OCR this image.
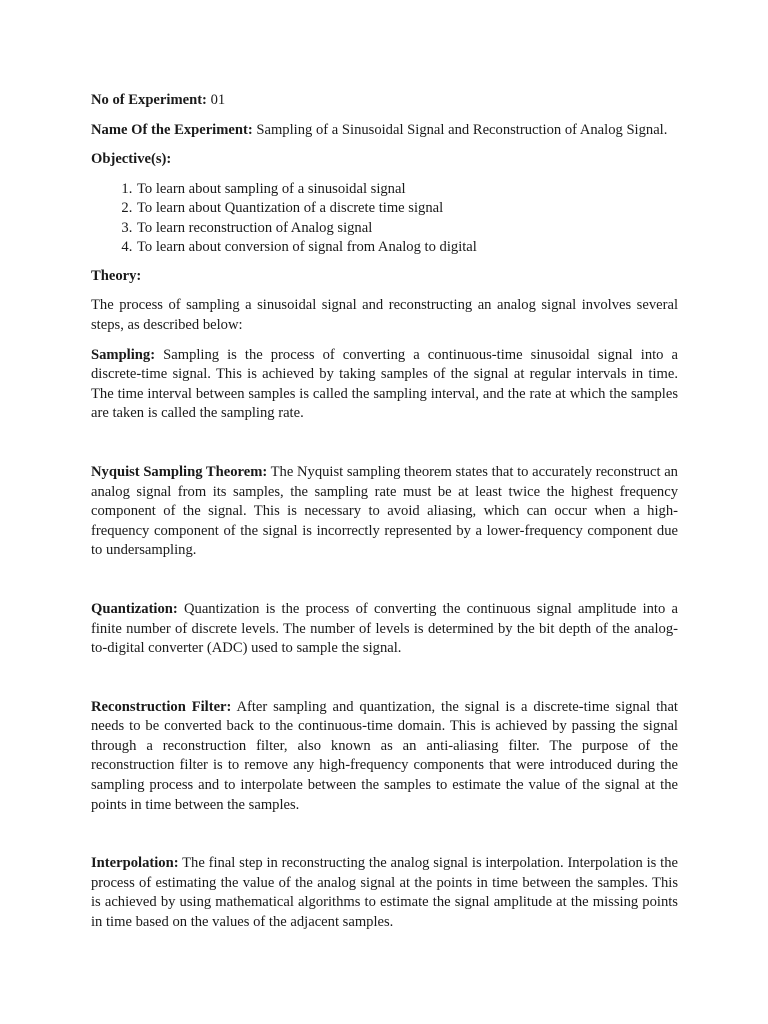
No of Experiment: 01
Name Of the Experiment: Sampling of a Sinusoidal Signal and Reconstruction of Analog Signal.
Objective(s):
1. To learn about sampling of a sinusoidal signal
2. To learn about Quantization of a discrete time signal
3. To learn reconstruction of Analog signal
4. To learn about conversion of signal from Analog to digital
Theory:

The process of sampling a sinusoidal signal and reconstructing an analog signal involves several steps, as described below:

Sampling: Sampling is the process of converting a continuous-time sinusoidal signal into a discrete-time signal. This is achieved by taking samples of the signal at regular intervals in time. The time interval between samples is called the sampling interval, and the rate at which the samples are taken is called the sampling rate.

Nyquist Sampling Theorem: The Nyquist sampling theorem states that to accurately reconstruct an analog signal from its samples, the sampling rate must be at least twice the highest frequency component of the signal. This is necessary to avoid aliasing, which can occur when a high-frequency component of the signal is incorrectly represented by a lower-frequency component due to undersampling.

Quantization: Quantization is the process of converting the continuous signal amplitude into a finite number of discrete levels. The number of levels is determined by the bit depth of the analog-to-digital converter (ADC) used to sample the signal.

Reconstruction Filter: After sampling and quantization, the signal is a discrete-time signal that needs to be converted back to the continuous-time domain. This is achieved by passing the signal through a reconstruction filter, also known as an anti-aliasing filter. The purpose of the reconstruction filter is to remove any high-frequency components that were introduced during the sampling process and to interpolate between the samples to estimate the value of the signal at the points in time between the samples.

Interpolation: The final step in reconstructing the analog signal is interpolation. Interpolation is the process of estimating the value of the analog signal at the points in time between the samples. This is achieved by using mathematical algorithms to estimate the signal amplitude at the missing points in time based on the values of the adjacent samples.
